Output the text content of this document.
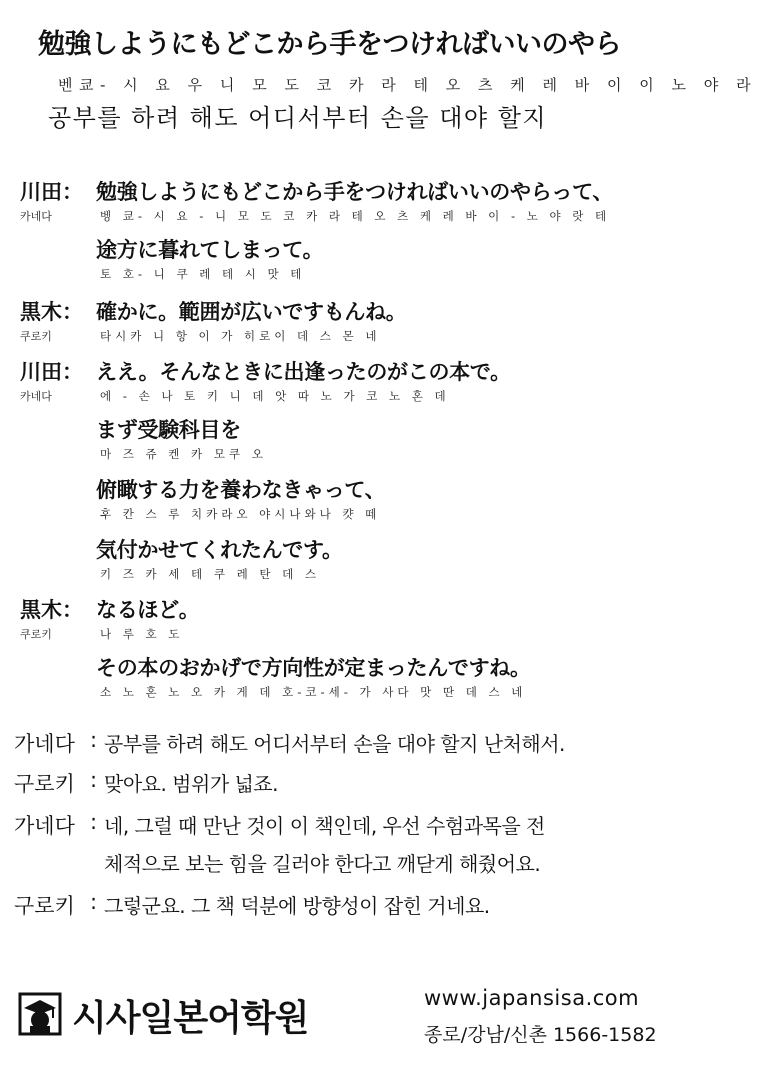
勉強しようにもどこから手をつければいいのやら
벤쿄- 시 요 우 니 모 도 코 카 라 테 오 츠 케 레 바 이 이 노 야 라
공부를 하려 해도 어디서부터 손을 대야 할지
川田：
카네다
勉強しようにもどこから手をつければいいのやらって、
벵 쿄- 시 요 - 니 모 도 코 카 라 테 오 츠 케 레 바 이 - 노 야 랏 테
途方に暮れてしまって。
토 호- 니 쿠 레 테 시 맛 테
黒木：
쿠로키
確かに。範囲が広いですもんね。
타시카 니 항 이 가 히로이 데 스 몬 네
川田：
카네다
ええ。そんなときに出逢ったのがこの本で。
에 - 손 나 토 키 니 데 앗 따 노 가 코 노 혼 데
まず受験科目を
마 즈 쥬 켄 카 모쿠 오
俯瞰する力を養わなきゃって、
후 칸 스 루 치카라오 야시나와나 캿 떼
気付かせてくれたんです。
키 즈 카 세 테 쿠 레 탄 데 스
黒木：
쿠로키
なるほど。
나 루 호 도
その本のおかげで方向性が定まったんですね。
소 노 혼 노 오 카 게 데 호-코-세- 가 사다 맛 딴 데 스 네
가네다 : 공부를 하려 해도 어디서부터 손을 대야 할지 난처해서.
구로키 : 맞아요. 범위가 넓죠.
가네다 : 네, 그럴 때 만난 것이 이 책인데, 우선 수험과목을 전
체적으로 보는 힘을 길러야 한다고 깨닫게 해줬어요.
구로키 : 그렇군요. 그 책 덕분에 방향성이 잡힌 거네요.
시사일본어학원	www.japansisa.com
종로/강남/신촌 1566-1582
